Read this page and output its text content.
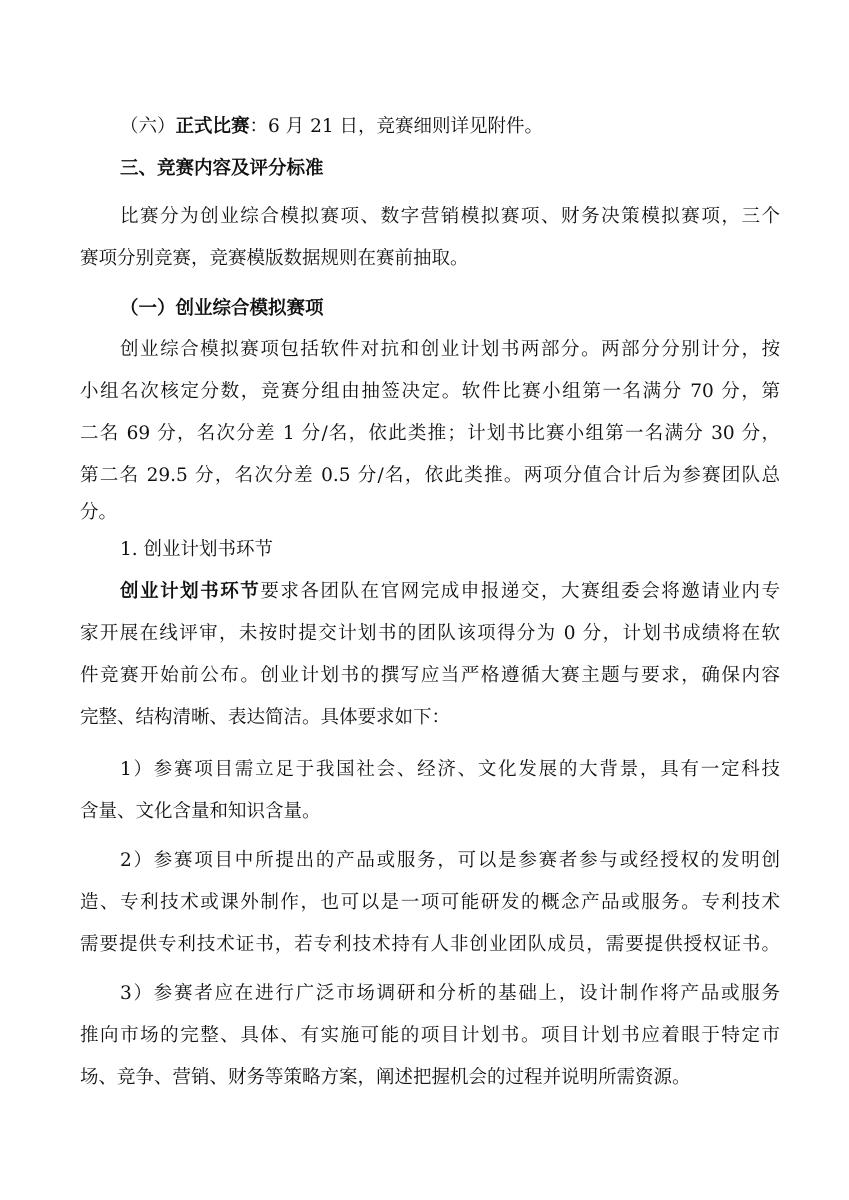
（六）正式比赛：6 月 21 日，竞赛细则详见附件。

三、竞赛内容及评分标准

比赛分为创业综合模拟赛项、数字营销模拟赛项、财务决策模拟赛项，三个

赛项分别竞赛，竞赛模版数据规则在赛前抽取。

（一）创业综合模拟赛项

创业综合模拟赛项包括软件对抗和创业计划书两部分。两部分分别计分，按

小组名次核定分数，竞赛分组由抽签决定。软件比赛小组第一名满分 70 分，第

二名 69 分，名次分差 1 分/名，依此类推；计划书比赛小组第一名满分 30 分，

第二名 29.5 分，名次分差 0.5 分/名，依此类推。两项分值合计后为参赛团队总

分。

1. 创业计划书环节

创业计划书环节要求各团队在官网完成申报递交，大赛组委会将邀请业内专

家开展在线评审，未按时提交计划书的团队该项得分为 0 分，计划书成绩将在软

件竞赛开始前公布。创业计划书的撰写应当严格遵循大赛主题与要求，确保内容

完整、结构清晰、表达简洁。具体要求如下：

1）参赛项目需立足于我国社会、经济、文化发展的大背景，具有一定科技

含量、文化含量和知识含量。

2）参赛项目中所提出的产品或服务，可以是参赛者参与或经授权的发明创

造、专利技术或课外制作，也可以是一项可能研发的概念产品或服务。专利技术

需要提供专利技术证书，若专利技术持有人非创业团队成员，需要提供授权证书。

3）参赛者应在进行广泛市场调研和分析的基础上，设计制作将产品或服务

推向市场的完整、具体、有实施可能的项目计划书。项目计划书应着眼于特定市

场、竞争、营销、财务等策略方案，阐述把握机会的过程并说明所需资源。
